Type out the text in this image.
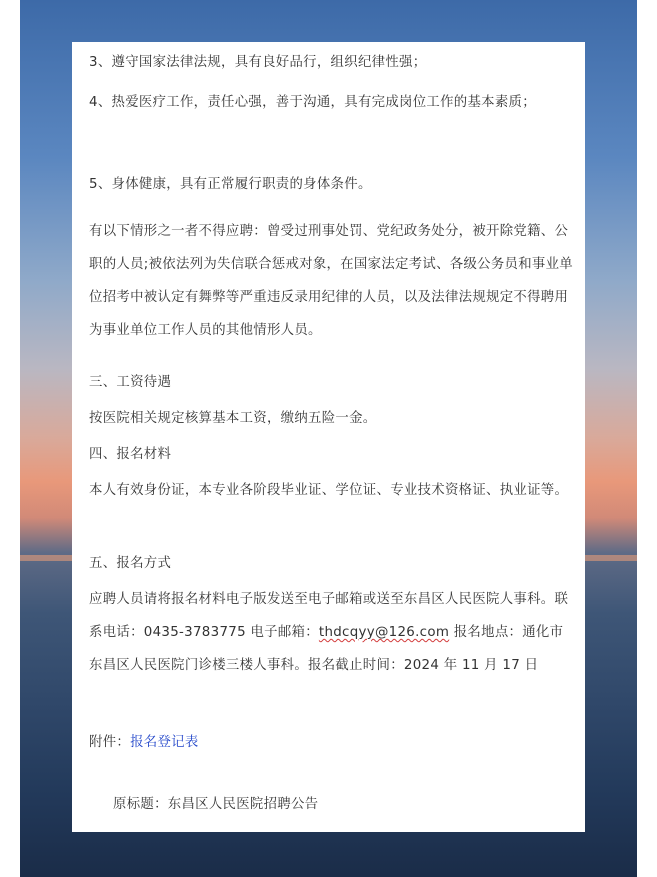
3、遵守国家法律法规，具有良好品行，组织纪律性强；
4、热爱医疗工作，责任心强，善于沟通，具有完成岗位工作的基本素质；
5、身体健康，具有正常履行职责的身体条件。
有以下情形之一者不得应聘：曾受过刑事处罚、党纪政务处分，被开除党籍、公职的人员;被依法列为失信联合惩戒对象，在国家法定考试、各级公务员和事业单位招考中被认定有舞弊等严重违反录用纪律的人员，以及法律法规规定不得聘用为事业单位工作人员的其他情形人员。
三、工资待遇
按医院相关规定核算基本工资，缴纳五险一金。
四、报名材料
本人有效身份证，本专业各阶段毕业证、学位证、专业技术资格证、执业证等。
五、报名方式
应聘人员请将报名材料电子版发送至电子邮箱或送至东昌区人民医院人事科。联系电话：0435-3783775 电子邮箱：thdcqyy@126.com 报名地点：通化市东昌区人民医院门诊楼三楼人事科。报名截止时间：2024 年 11 月 17 日
附件：报名登记表
原标题：东昌区人民医院招聘公告
